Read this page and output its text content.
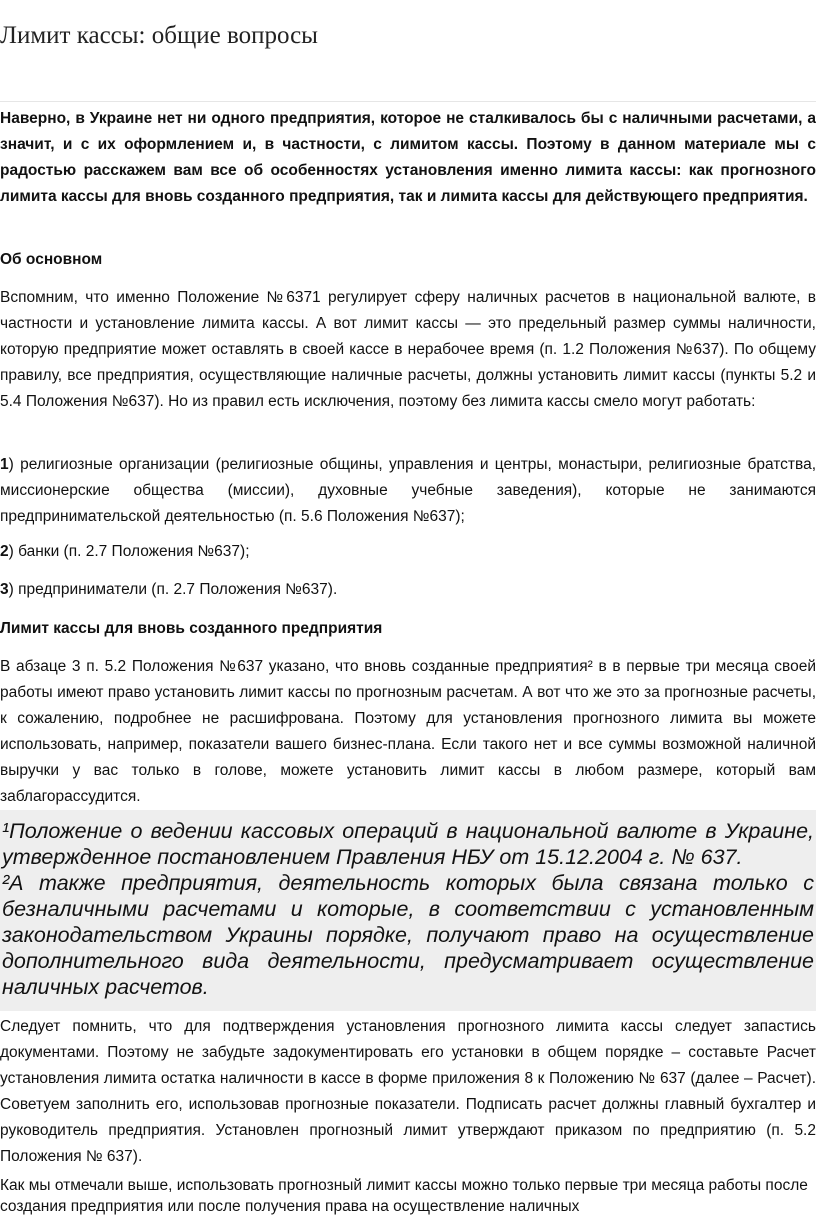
Лимит кассы: общие вопросы

Наверно, в Украине нет ни одного предприятия, которое не сталкивалось бы с наличными расчетами, а значит, и с их оформлением и, в частности, с лимитом кассы. Поэтому в данном материале мы с радостью расскажем вам все об особенностях установления именно лимита кассы: как прогнозного лимита кассы для вновь созданного предприятия, так и лимита кассы для действующего предприятия.

Об основном

Вспомним, что именно Положение №6371 регулирует сферу наличных расчетов в национальной валюте, в частности и установление лимита кассы. А вот лимит кассы — это предельный размер суммы наличности, которую предприятие может оставлять в своей кассе в нерабочее время (п. 1.2 Положения №637). По общему правилу, все предприятия, осуществляющие наличные расчеты, должны установить лимит кассы (пункты 5.2 и 5.4 Положения №637). Но из правил есть исключения, поэтому без лимита кассы смело могут работать:

1) религиозные организации (религиозные общины, управления и центры, монастыри, религиозные братства, миссионерские общества (миссии), духовные учебные заведения), которые не занимаются предпринимательской деятельностью (п. 5.6 Положения №637);

2) банки (п. 2.7 Положения №637);

3) предприниматели (п. 2.7 Положения №637).

Лимит кассы для вновь созданного предприятия

В абзаце 3 п. 5.2 Положения №637 указано, что вновь созданные предприятия² в в первые три месяца своей работы имеют право установить лимит кассы по прогнозным расчетам. А вот что же это за прогнозные расчеты, к сожалению, подробнее не расшифрована. Поэтому для установления прогнозного лимита вы можете использовать, например, показатели вашего бизнес-плана. Если такого нет и все суммы возможной наличной выручки у вас только в голове, можете установить лимит кассы в любом размере, который вам заблагорассудится.

¹Положение о ведении кассовых операций в национальной валюте в Украине, утвержденное постановлением Правления НБУ от 15.12.2004 г. № 637.

²А также предприятия, деятельность которых была связана только с безналичными расчетами и которые, в соответствии с установленным законодательством Украины порядке, получают право на осуществление дополнительного вида деятельности, предусматривает осуществление наличных расчетов.

Следует помнить, что для подтверждения установления прогнозного лимита кассы следует запастись документами. Поэтому не забудьте задокументировать его установки в общем порядке – составьте Расчет установления лимита остатка наличности в кассе в форме приложения 8 к Положению № 637 (далее – Расчет). Советуем заполнить его, использовав прогнозные показатели. Подписать расчет должны главный бухгалтер и руководитель предприятия. Установлен прогнозный лимит утверждают приказом по предприятию (п. 5.2 Положения № 637).

Как мы отмечали выше, использовать прогнозный лимит кассы можно только первые три месяца работы после создания предприятия или после получения права на осуществление наличных
